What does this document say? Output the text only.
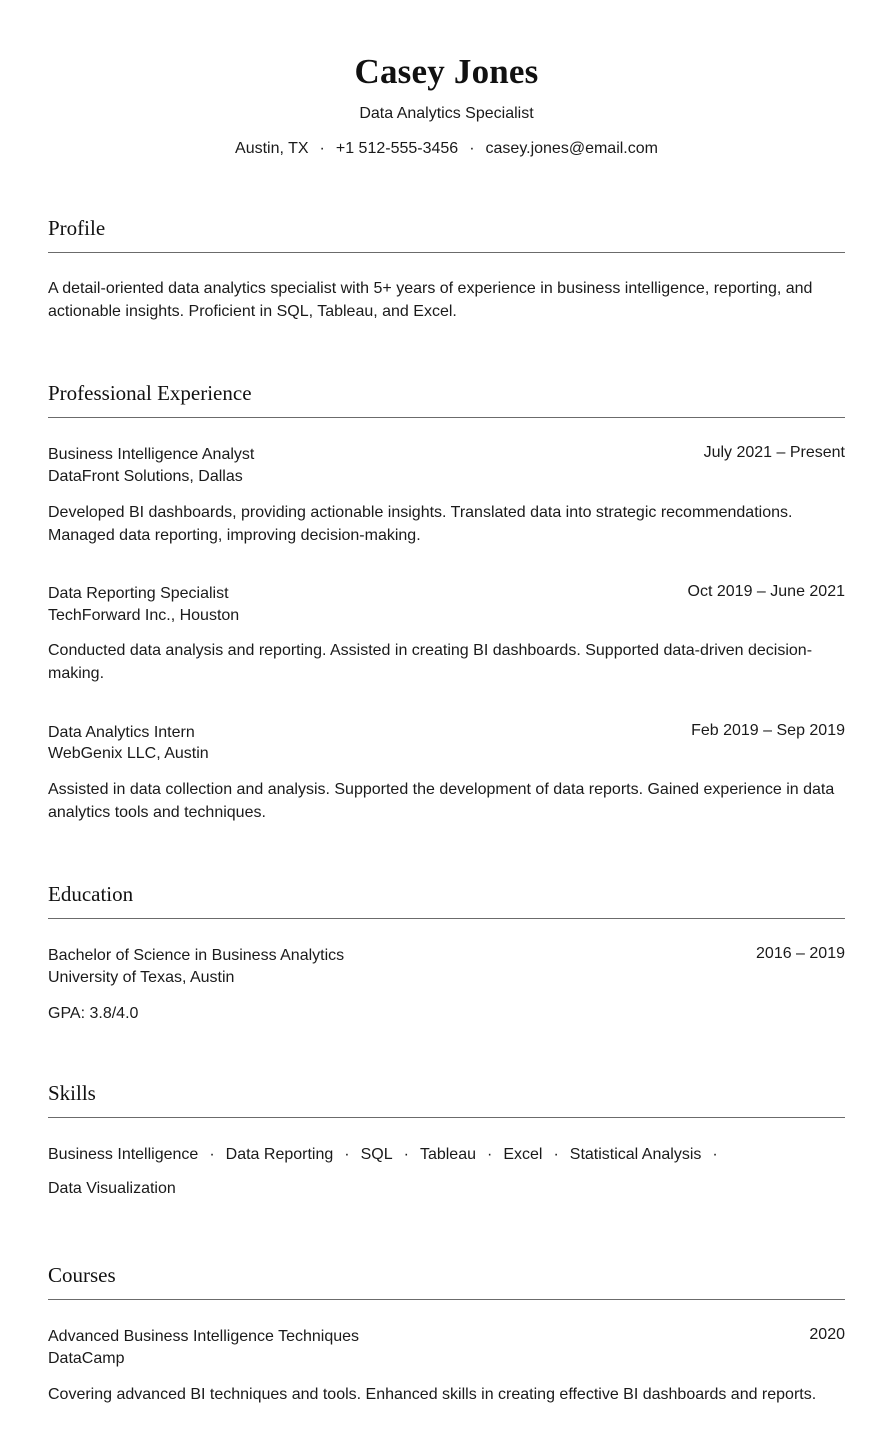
Casey Jones
Data Analytics Specialist
Austin, TX · +1 512-555-3456 · casey.jones@email.com
Profile

A detail-oriented data analytics specialist with 5+ years of experience in business intelligence, reporting, and actionable insights. Proficient in SQL, Tableau, and Excel.

Professional Experience
Business Intelligence Analyst
DataFront Solutions, Dallas
July 2021 – Present

Developed BI dashboards, providing actionable insights. Translated data into strategic recommendations. Managed data reporting, improving decision-making.

Data Reporting Specialist
TechForward Inc., Houston
Oct 2019 – June 2021

Conducted data analysis and reporting. Assisted in creating BI dashboards. Supported data-driven decision-making.

Data Analytics Intern
WebGenix LLC, Austin
Feb 2019 – Sep 2019

Assisted in data collection and analysis. Supported the development of data reports. Gained experience in data analytics tools and techniques.

Education
Bachelor of Science in Business Analytics
University of Texas, Austin
2016 – 2019
GPA: 3.8/4.0
Skills

Business Intelligence · Data Reporting · SQL · Tableau · Excel · Statistical Analysis ·Data Visualization

Courses
Advanced Business Intelligence Techniques
DataCamp
2020

Covering advanced BI techniques and tools. Enhanced skills in creating effective BI dashboards and reports.
